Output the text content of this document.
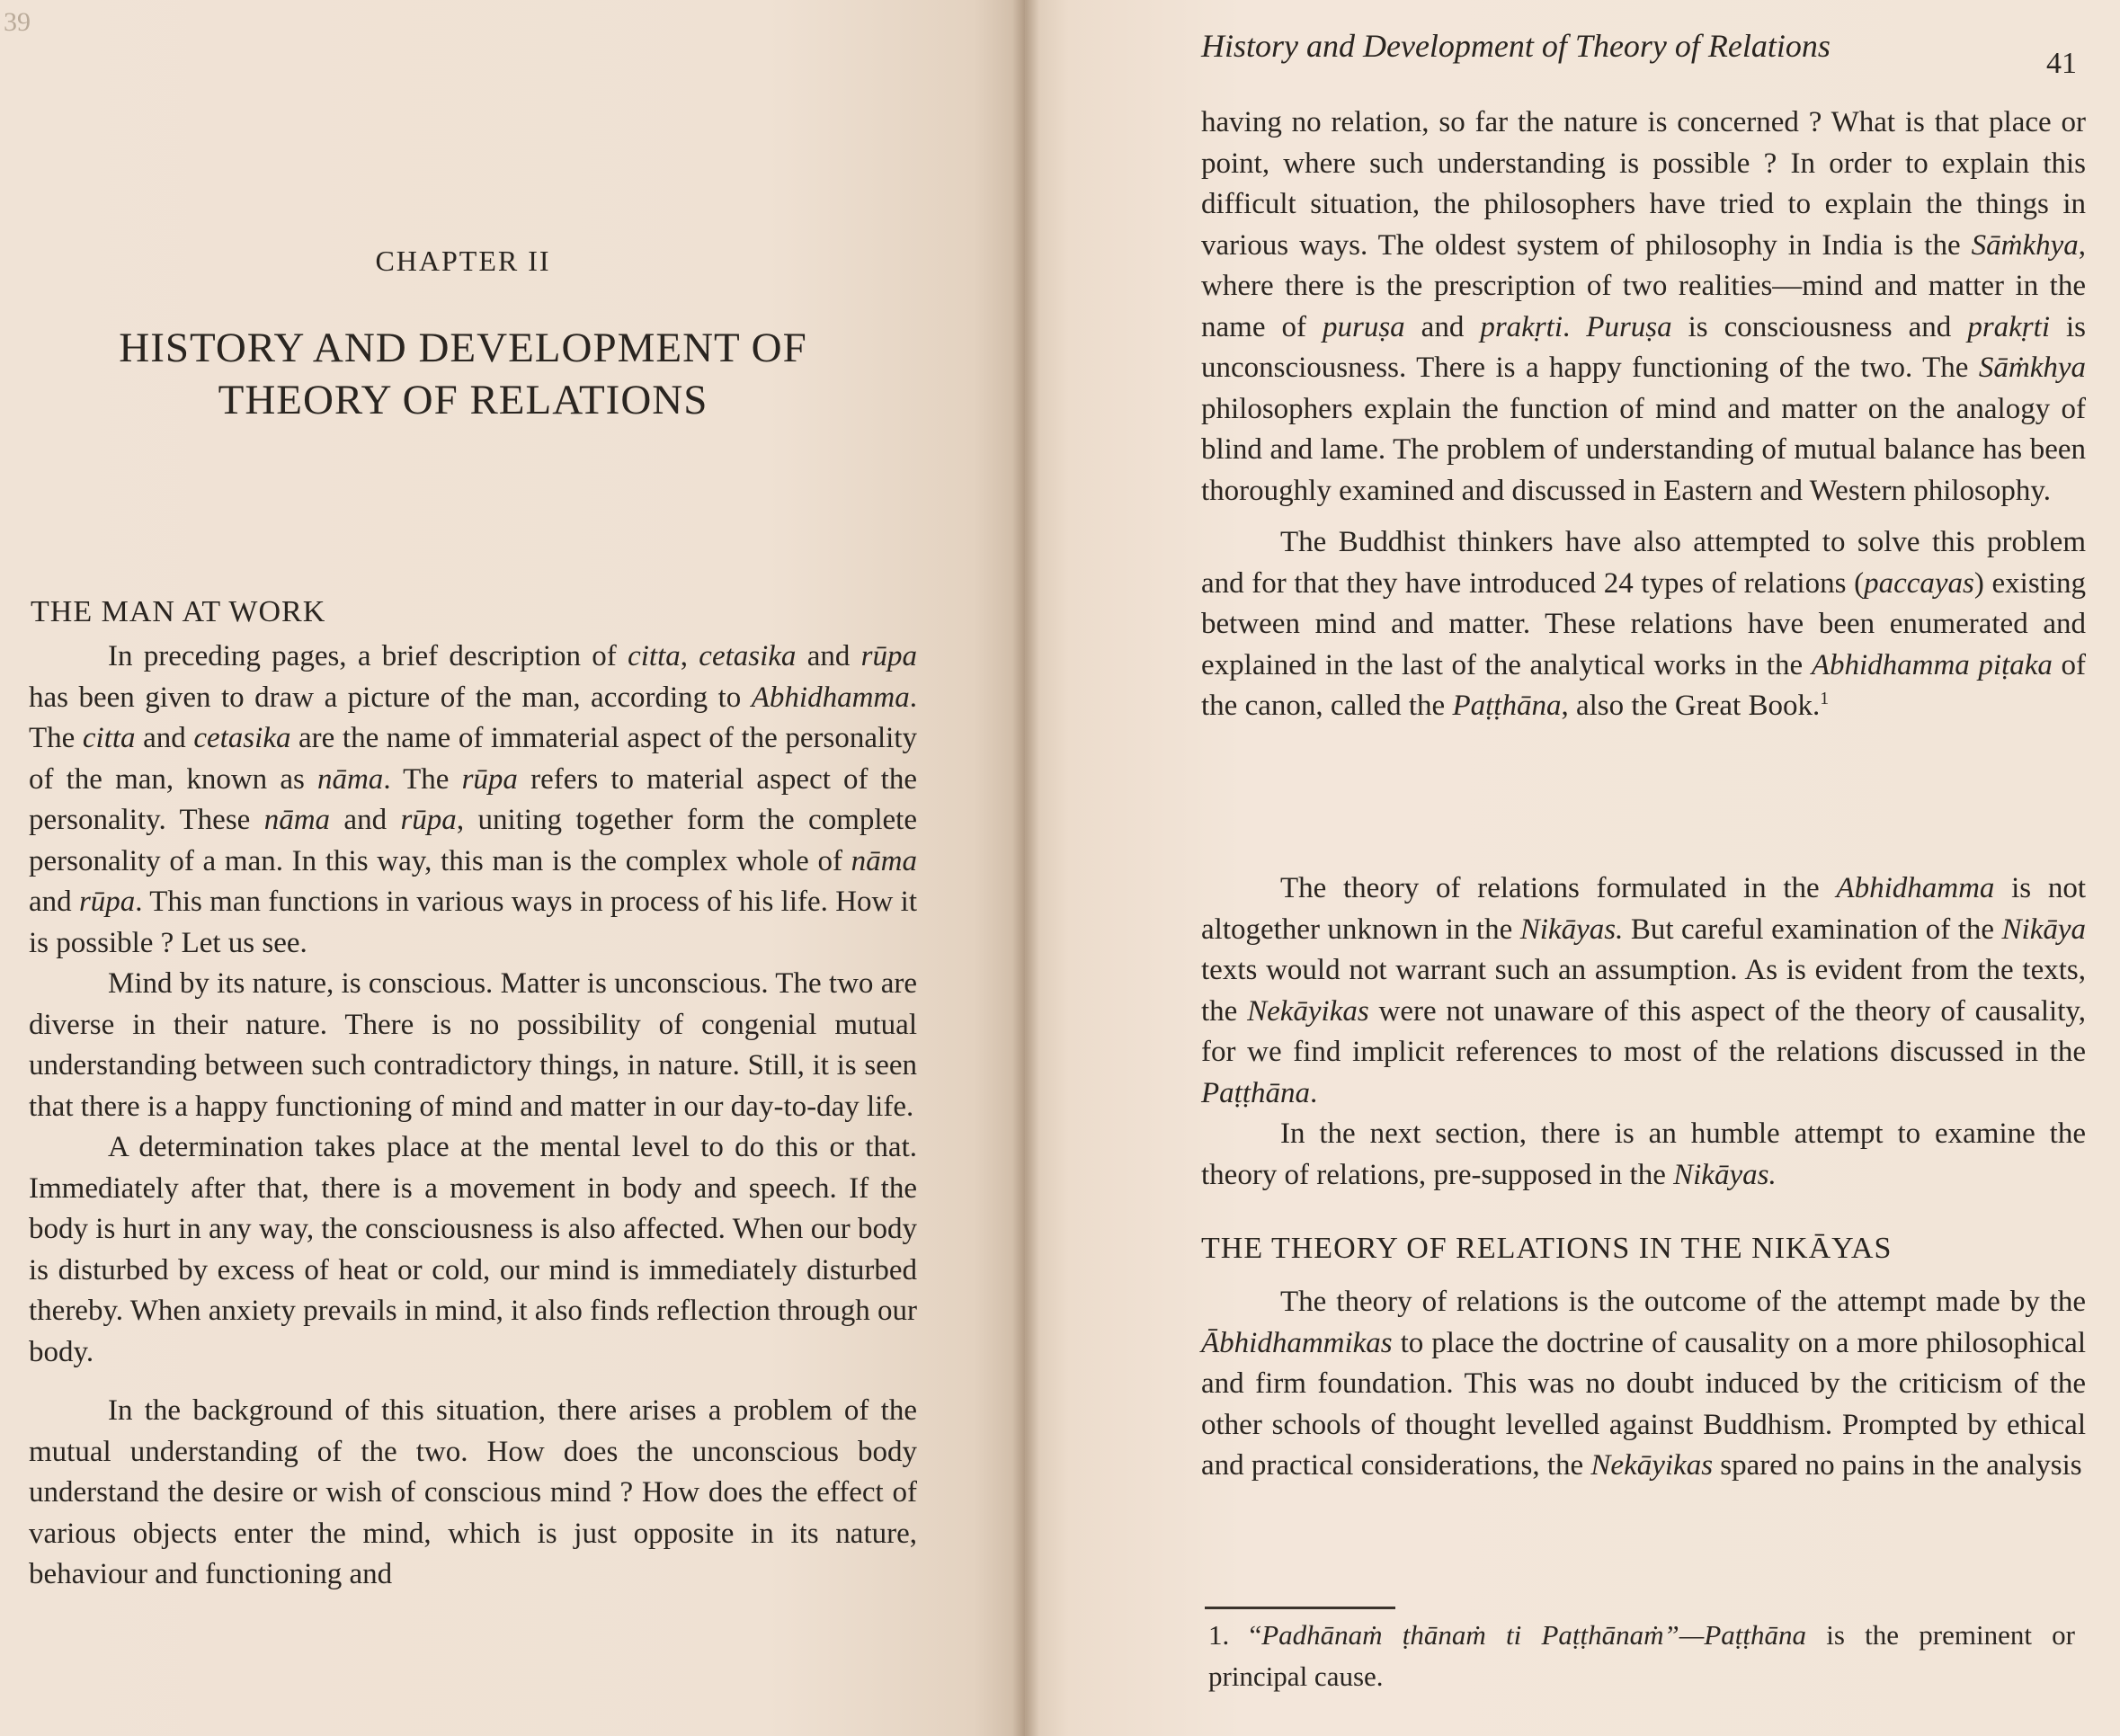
39
CHAPTER II
HISTORY AND DEVELOPMENT OF
THEORY OF RELATIONS
THE MAN AT WORK

In preceding pages, a brief description of citta, cetasika and rūpa has been given to draw a picture of the man, according to Abhidhamma. The citta and cetasika are the name of immaterial aspect of the personality of the man, known as nāma. The rūpa refers to material aspect of the personality. These nāma and rūpa, uniting together form the complete personality of a man. In this way, this man is the complex whole of nāma and rūpa. This man functions in various ways in process of his life. How it is possible ? Let us see.

Mind by its nature, is conscious. Matter is unconscious. The two are diverse in their nature. There is no possibility of congenial mutual understanding between such contradictory things, in nature. Still, it is seen that there is a happy functioning of mind and matter in our day-to-day life.

A determination takes place at the mental level to do this or that. Immediately after that, there is a movement in body and speech. If the body is hurt in any way, the consciousness is also affected. When our body is disturbed by excess of heat or cold, our mind is immediately disturbed thereby. When anxiety prevails in mind, it also finds reflection through our body.

In the background of this situation, there arises a problem of the mutual understanding of the two. How does the unconscious body understand the desire or wish of conscious mind ? How does the effect of various objects enter the mind, which is just opposite in its nature, behaviour and functioning and

History and Development of Theory of Relations	41

having no relation, so far the nature is concerned ? What is that place or point, where such understanding is possible ? In order to explain this difficult situation, the philosophers have tried to explain the things in various ways. The oldest system of philosophy in India is the Sāṁkhya, where there is the prescription of two realities—mind and matter in the name of puruṣa and prakṛti. Puruṣa is consciousness and prakṛti is unconsciousness. There is a happy functioning of the two. The Sāṁkhya philosophers explain the function of mind and matter on the analogy of blind and lame. The problem of understanding of mutual balance has been thoroughly examined and discussed in Eastern and Western philosophy.

The Buddhist thinkers have also attempted to solve this problem and for that they have introduced 24 types of relations (paccayas) existing between mind and matter. These relations have been enumerated and explained in the last of the analytical works in the Abhidhamma piṭaka of the canon, called the Paṭṭhāna, also the Great Book.$^1$

The theory of relations formulated in the Abhidhamma is not altogether unknown in the Nikāyas. But careful examination of the Nikāya texts would not warrant such an assumption. As is evident from the texts, the Nekāyikas were not unaware of this aspect of the theory of causality, for we find implicit references to most of the relations discussed in the Paṭṭhāna.

In the next section, there is an humble attempt to examine the theory of relations, pre-supposed in the Nikāyas.

THE THEORY OF RELATIONS IN THE NIKĀYAS

The theory of relations is the outcome of the attempt made by the Ābhidhammikas to place the doctrine of causality on a more philosophical and firm foundation. This was no doubt induced by the criticism of the other schools of thought levelled against Buddhism. Prompted by ethical and practical considerations, the Nekāyikas spared no pains in the analysis

1. “Padhānaṁ ṭhānaṁ ti Paṭṭhānaṁ”—Paṭṭhāna is the preminent or principal cause.
